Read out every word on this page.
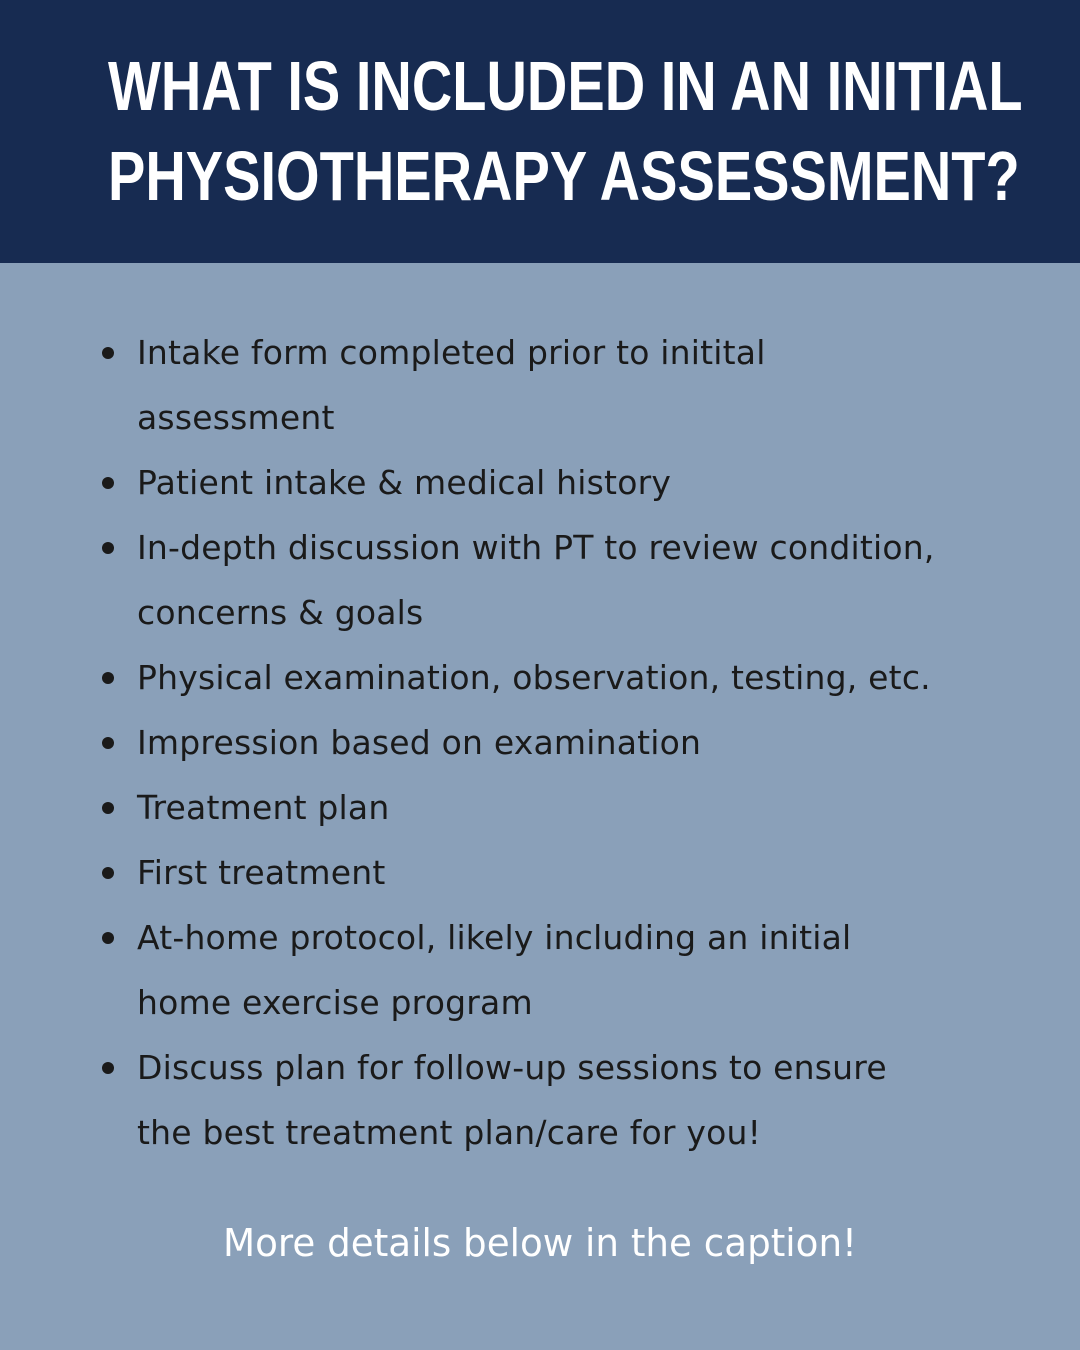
WHAT IS INCLUDED IN AN INITIAL
PHYSIOTHERAPY ASSESSMENT?
Intake form completed prior to initital
assessment
Patient intake & medical history
In-depth discussion with PT to review condition,
concerns & goals
Physical examination, observation, testing, etc.
Impression based on examination
Treatment plan
First treatment
At-home protocol, likely including an initial
home exercise program
Discuss plan for follow-up sessions to ensure
the best treatment plan/care for you!
More details below in the caption!
